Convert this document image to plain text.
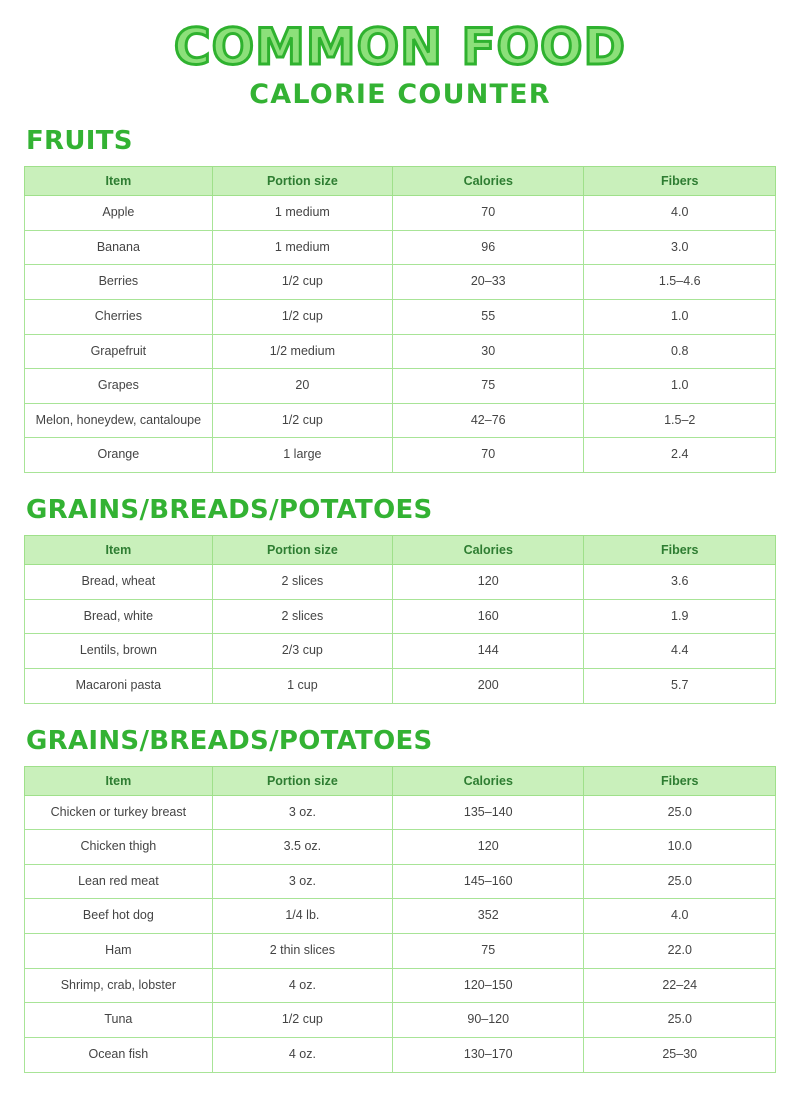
COMMON FOOD
CALORIE COUNTER
FRUITS
Item	Portion size	Calories	Fibers
Apple	1 medium	70	4.0
Banana	1 medium	96	3.0
Berries	1/2 cup	20–33	1.5–4.6
Cherries	1/2 cup	55	1.0
Grapefruit	1/2 medium	30	0.8
Grapes	20	75	1.0
Melon, honeydew, cantaloupe	1/2 cup	42–76	1.5–2
Orange	1 large	70	2.4
GRAINS/BREADS/POTATOES
Item	Portion size	Calories	Fibers
Bread, wheat	2 slices	120	3.6
Bread, white	2 slices	160	1.9
Lentils, brown	2/3 cup	144	4.4
Macaroni pasta	1 cup	200	5.7
GRAINS/BREADS/POTATOES
Item	Portion size	Calories	Fibers
Chicken or turkey breast	3 oz.	135–140	25.0
Chicken thigh	3.5 oz.	120	10.0
Lean red meat	3 oz.	145–160	25.0
Beef hot dog	1/4 lb.	352	4.0
Ham	2 thin slices	75	22.0
Shrimp, crab, lobster	4 oz.	120–150	22–24
Tuna	1/2 cup	90–120	25.0
Ocean fish	4 oz.	130–170	25–30
